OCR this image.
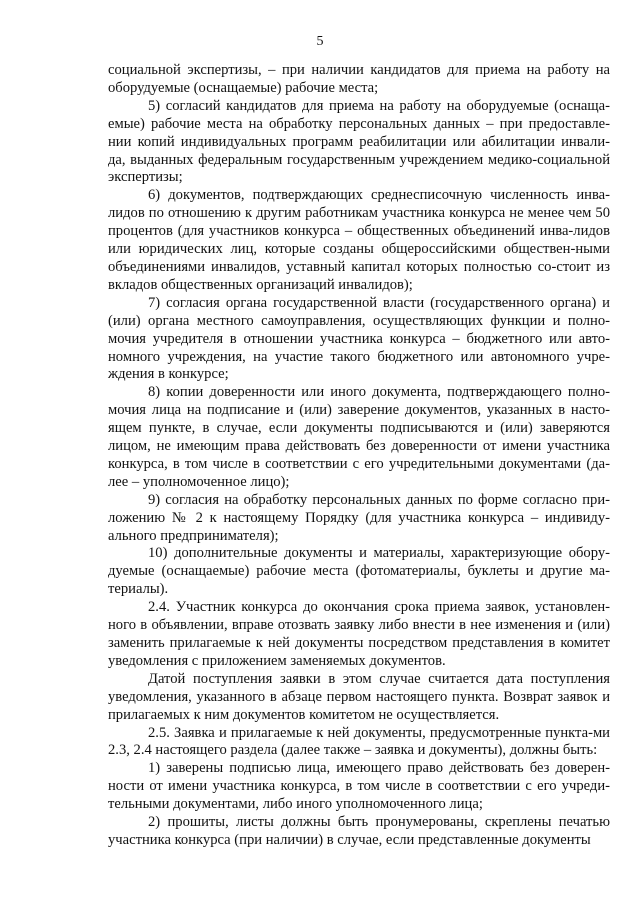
5

социальной экспертизы, – при наличии кандидатов для приема на работу на оборудуемые (оснащаемые) рабочие места;

5) согласий кандидатов для приема на работу на оборудуемые (оснаща-емые) рабочие места на обработку персональных данных – при предоставле-нии копий индивидуальных программ реабилитации или абилитации инвали-да, выданных федеральным государственным учреждением медико-социальной экспертизы;

6) документов, подтверждающих среднесписочную численность инва-лидов по отношению к другим работникам участника конкурса не менее чем 50 процентов (для участников конкурса – общественных объединений инва-лидов или юридических лиц, которые созданы общероссийскими обществен-ными объединениями инвалидов, уставный капитал которых полностью со-стоит из вкладов общественных организаций инвалидов);

7) согласия органа государственной власти (государственного органа) и (или) органа местного самоуправления, осуществляющих функции и полно-мочия учредителя в отношении участника конкурса – бюджетного или авто-номного учреждения, на участие такого бюджетного или автономного учре-ждения в конкурсе;

8) копии доверенности или иного документа, подтверждающего полно-мочия лица на подписание и (или) заверение документов, указанных в насто-ящем пункте, в случае, если документы подписываются и (или) заверяются лицом, не имеющим права действовать без доверенности от имени участника конкурса, в том числе в соответствии с его учредительными документами (да-лее – уполномоченное лицо);

9) согласия на обработку персональных данных по форме согласно при-ложению № 2 к настоящему Порядку (для участника конкурса – индивиду-ального предпринимателя);

10) дополнительные документы и материалы, характеризующие обору-дуемые (оснащаемые) рабочие места (фотоматериалы, буклеты и другие ма-териалы).

2.4. Участник конкурса до окончания срока приема заявок, установлен-ного в объявлении, вправе отозвать заявку либо внести в нее изменения и (или) заменить прилагаемые к ней документы посредством представления в комитет уведомления с приложением заменяемых документов.

Датой поступления заявки в этом случае считается дата поступления уведомления, указанного в абзаце первом настоящего пункта. Возврат заявок и прилагаемых к ним документов комитетом не осуществляется.

2.5. Заявка и прилагаемые к ней документы, предусмотренные пункта-ми 2.3, 2.4 настоящего раздела (далее также – заявка и документы), должны быть:

1) заверены подписью лица, имеющего право действовать без доверен-ности от имени участника конкурса, в том числе в соответствии с его учреди-тельными документами, либо иного уполномоченного лица;

2) прошиты, листы должны быть пронумерованы, скреплены печатью участника конкурса (при наличии) в случае, если представленные документы
